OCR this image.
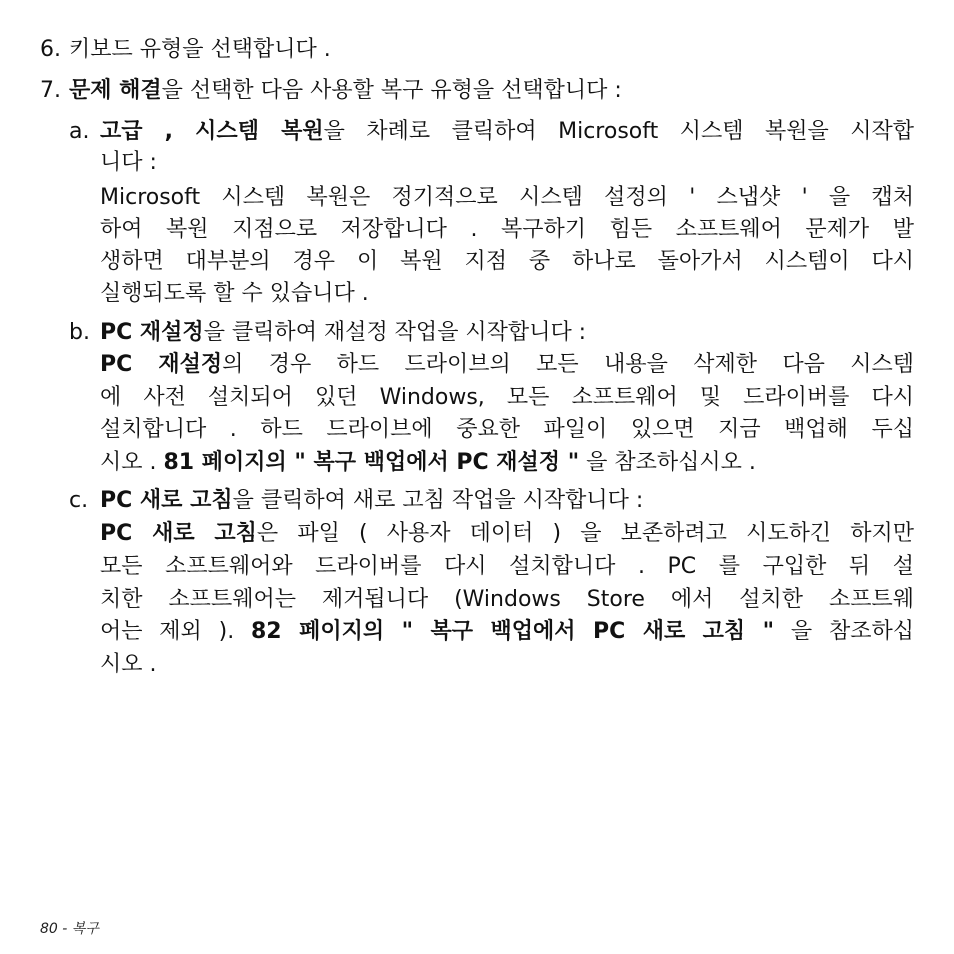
6. 키보드 유형을 선택합니다 .
7. 문제 해결을 선택한 다음 사용할 복구 유형을 선택합니다 :
a. 고급 , 시스템 복원을 차례로 클릭하여 Microsoft 시스템 복원을 시작합
니다 :
Microsoft 시스템 복원은 정기적으로 시스템 설정의 ' 스냅샷 ' 을 캡처
하여 복원 지점으로 저장합니다 . 복구하기 힘든 소프트웨어 문제가 발
생하면 대부분의 경우 이 복원 지점 중 하나로 돌아가서 시스템이 다시
실행되도록 할 수 있습니다 .
b. PC 재설정을 클릭하여 재설정 작업을 시작합니다 :
PC 재설정의 경우 하드 드라이브의 모든 내용을 삭제한 다음 시스템
에 사전 설치되어 있던 Windows, 모든 소프트웨어 및 드라이버를 다시
설치합니다 . 하드 드라이브에 중요한 파일이 있으면 지금 백업해 두십
시오 . 81 페이지의 " 복구 백업에서 PC 재설정 " 을 참조하십시오 .
c. PC 새로 고침을 클릭하여 새로 고침 작업을 시작합니다 :
PC 새로 고침은 파일 ( 사용자 데이터 ) 을 보존하려고 시도하긴 하지만
모든 소프트웨어와 드라이버를 다시 설치합니다 . PC 를 구입한 뒤 설
치한 소프트웨어는 제거됩니다 (Windows Store 에서 설치한 소프트웨
어는 제외 ). 82 페이지의 " 복구 백업에서 PC 새로 고침 " 을 참조하십
시오 .
80 - 복구
